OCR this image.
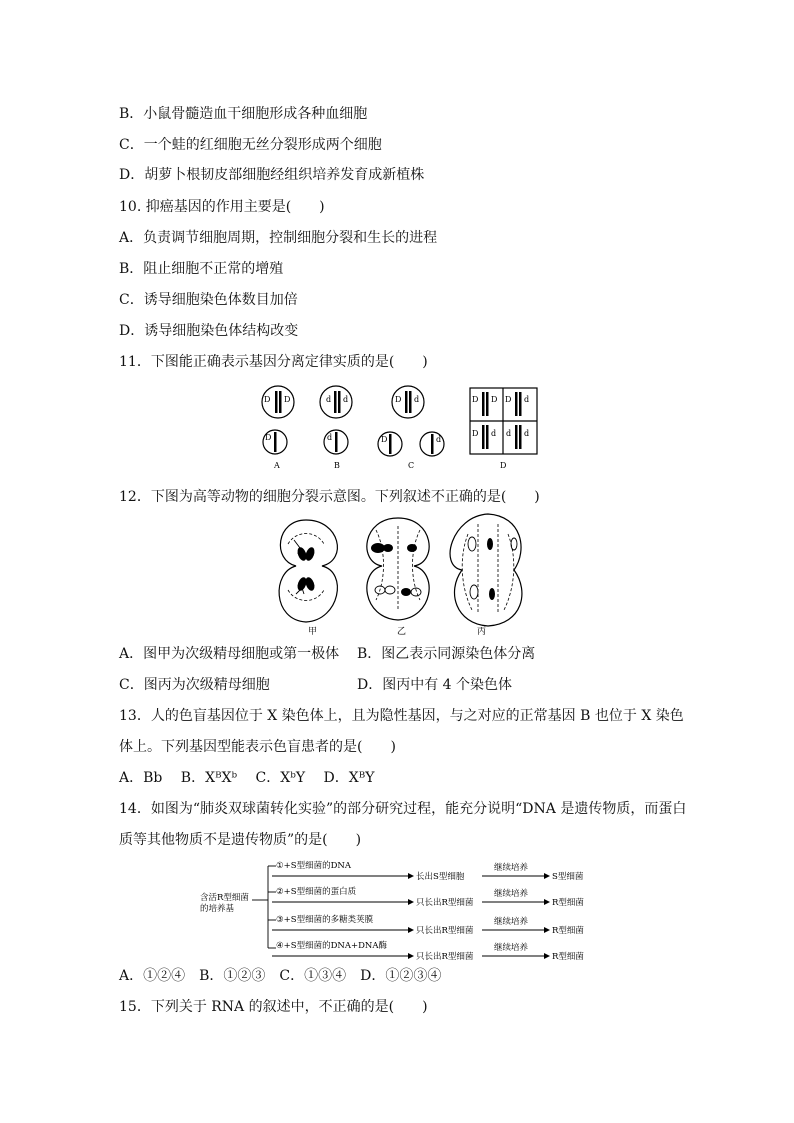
B．小鼠骨髓造血干细胞形成各种血细胞
C．一个蛙的红细胞无丝分裂形成两个细胞
D．胡萝卜根韧皮部细胞经组织培养发育成新植株
10. 抑癌基因的作用主要是(　　)
A．负责调节细胞周期，控制细胞分裂和生长的进程
B．阻止细胞不正常的增殖
C．诱导细胞染色体数目加倍
D．诱导细胞染色体结构改变
11．下图能正确表示基因分离定律实质的是(　　)
D D
D
d d
d
D d
D	d
D D D d
D d d d
A	B	C	D
12．下图为高等动物的细胞分裂示意图。下列叙述不正确的是(　　)
甲	乙	丙
A．图甲为次级精母细胞或第一极体 B．图乙表示同源染色体分离
C．图丙为次级精母细胞	D．图丙中有 4 个染色体
13．人的色盲基因位于 X 染色体上，且为隐性基因，与之对应的正常基因 B 也位于 X 染色
体上。下列基因型能表示色盲患者的是(　　)
A．Bb　 B．XᴮXᵇ　 C．XᵇY　 D．XᴮY
14．如图为“肺炎双球菌转化实验”的部分研究过程，能充分说明“DNA 是遗传物质，而蛋白
质等其他物质不是遗传物质”的是(　　)
含活R型细菌
的培养基
①+S型细菌的DNA
②+S型细菌的蛋白质
③+S型细菌的多糖类荚膜
④+S型细菌的DNA+DNA酶
长出S型细胞
只长出R型细菌
只长出R型细菌
只长出R型细菌
继续培养
继续培养
继续培养
继续培养
S型细菌
R型细菌
R型细菌
R型细菌
A．①②④　B．①②③　C．①③④　D．①②③④
15．下列关于 RNA 的叙述中，不正确的是(　　)
